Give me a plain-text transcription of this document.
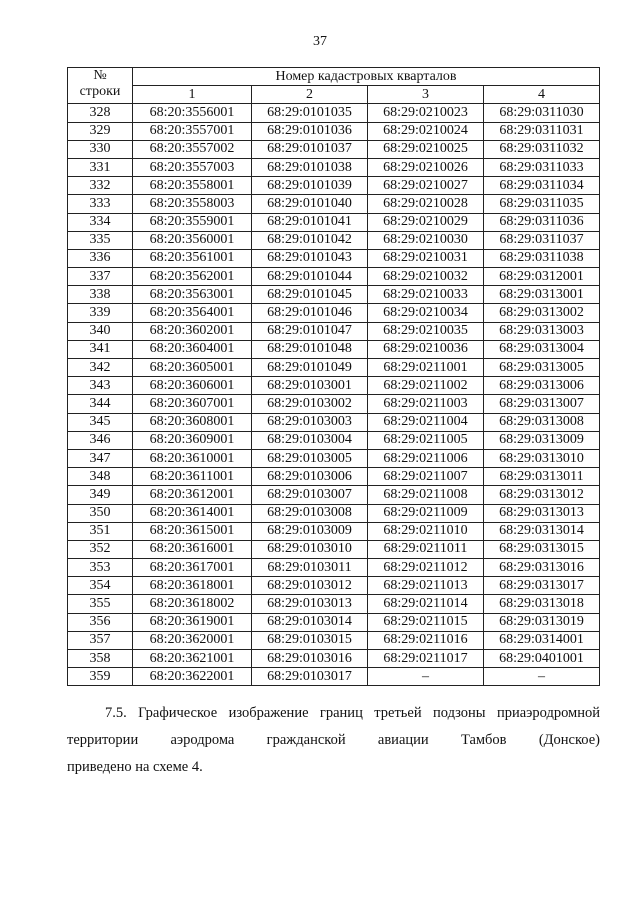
37
№
строки	Номер кадастровых кварталов			
	1	2	3	4
328	68:20:3556001	68:29:0101035	68:29:0210023	68:29:0311030
329	68:20:3557001	68:29:0101036	68:29:0210024	68:29:0311031
330	68:20:3557002	68:29:0101037	68:29:0210025	68:29:0311032
331	68:20:3557003	68:29:0101038	68:29:0210026	68:29:0311033
332	68:20:3558001	68:29:0101039	68:29:0210027	68:29:0311034
333	68:20:3558003	68:29:0101040	68:29:0210028	68:29:0311035
334	68:20:3559001	68:29:0101041	68:29:0210029	68:29:0311036
335	68:20:3560001	68:29:0101042	68:29:0210030	68:29:0311037
336	68:20:3561001	68:29:0101043	68:29:0210031	68:29:0311038
337	68:20:3562001	68:29:0101044	68:29:0210032	68:29:0312001
338	68:20:3563001	68:29:0101045	68:29:0210033	68:29:0313001
339	68:20:3564001	68:29:0101046	68:29:0210034	68:29:0313002
340	68:20:3602001	68:29:0101047	68:29:0210035	68:29:0313003
341	68:20:3604001	68:29:0101048	68:29:0210036	68:29:0313004
342	68:20:3605001	68:29:0101049	68:29:0211001	68:29:0313005
343	68:20:3606001	68:29:0103001	68:29:0211002	68:29:0313006
344	68:20:3607001	68:29:0103002	68:29:0211003	68:29:0313007
345	68:20:3608001	68:29:0103003	68:29:0211004	68:29:0313008
346	68:20:3609001	68:29:0103004	68:29:0211005	68:29:0313009
347	68:20:3610001	68:29:0103005	68:29:0211006	68:29:0313010
348	68:20:3611001	68:29:0103006	68:29:0211007	68:29:0313011
349	68:20:3612001	68:29:0103007	68:29:0211008	68:29:0313012
350	68:20:3614001	68:29:0103008	68:29:0211009	68:29:0313013
351	68:20:3615001	68:29:0103009	68:29:0211010	68:29:0313014
352	68:20:3616001	68:29:0103010	68:29:0211011	68:29:0313015
353	68:20:3617001	68:29:0103011	68:29:0211012	68:29:0313016
354	68:20:3618001	68:29:0103012	68:29:0211013	68:29:0313017
355	68:20:3618002	68:29:0103013	68:29:0211014	68:29:0313018
356	68:20:3619001	68:29:0103014	68:29:0211015	68:29:0313019
357	68:20:3620001	68:29:0103015	68:29:0211016	68:29:0314001
358	68:20:3621001	68:29:0103016	68:29:0211017	68:29:0401001
359	68:20:3622001	68:29:0103017	–	–
7.5. Графическое изображение границ третьей подзоны приаэродромной
территории аэродрома гражданской авиации Тамбов (Донское)
приведено на схеме 4.
